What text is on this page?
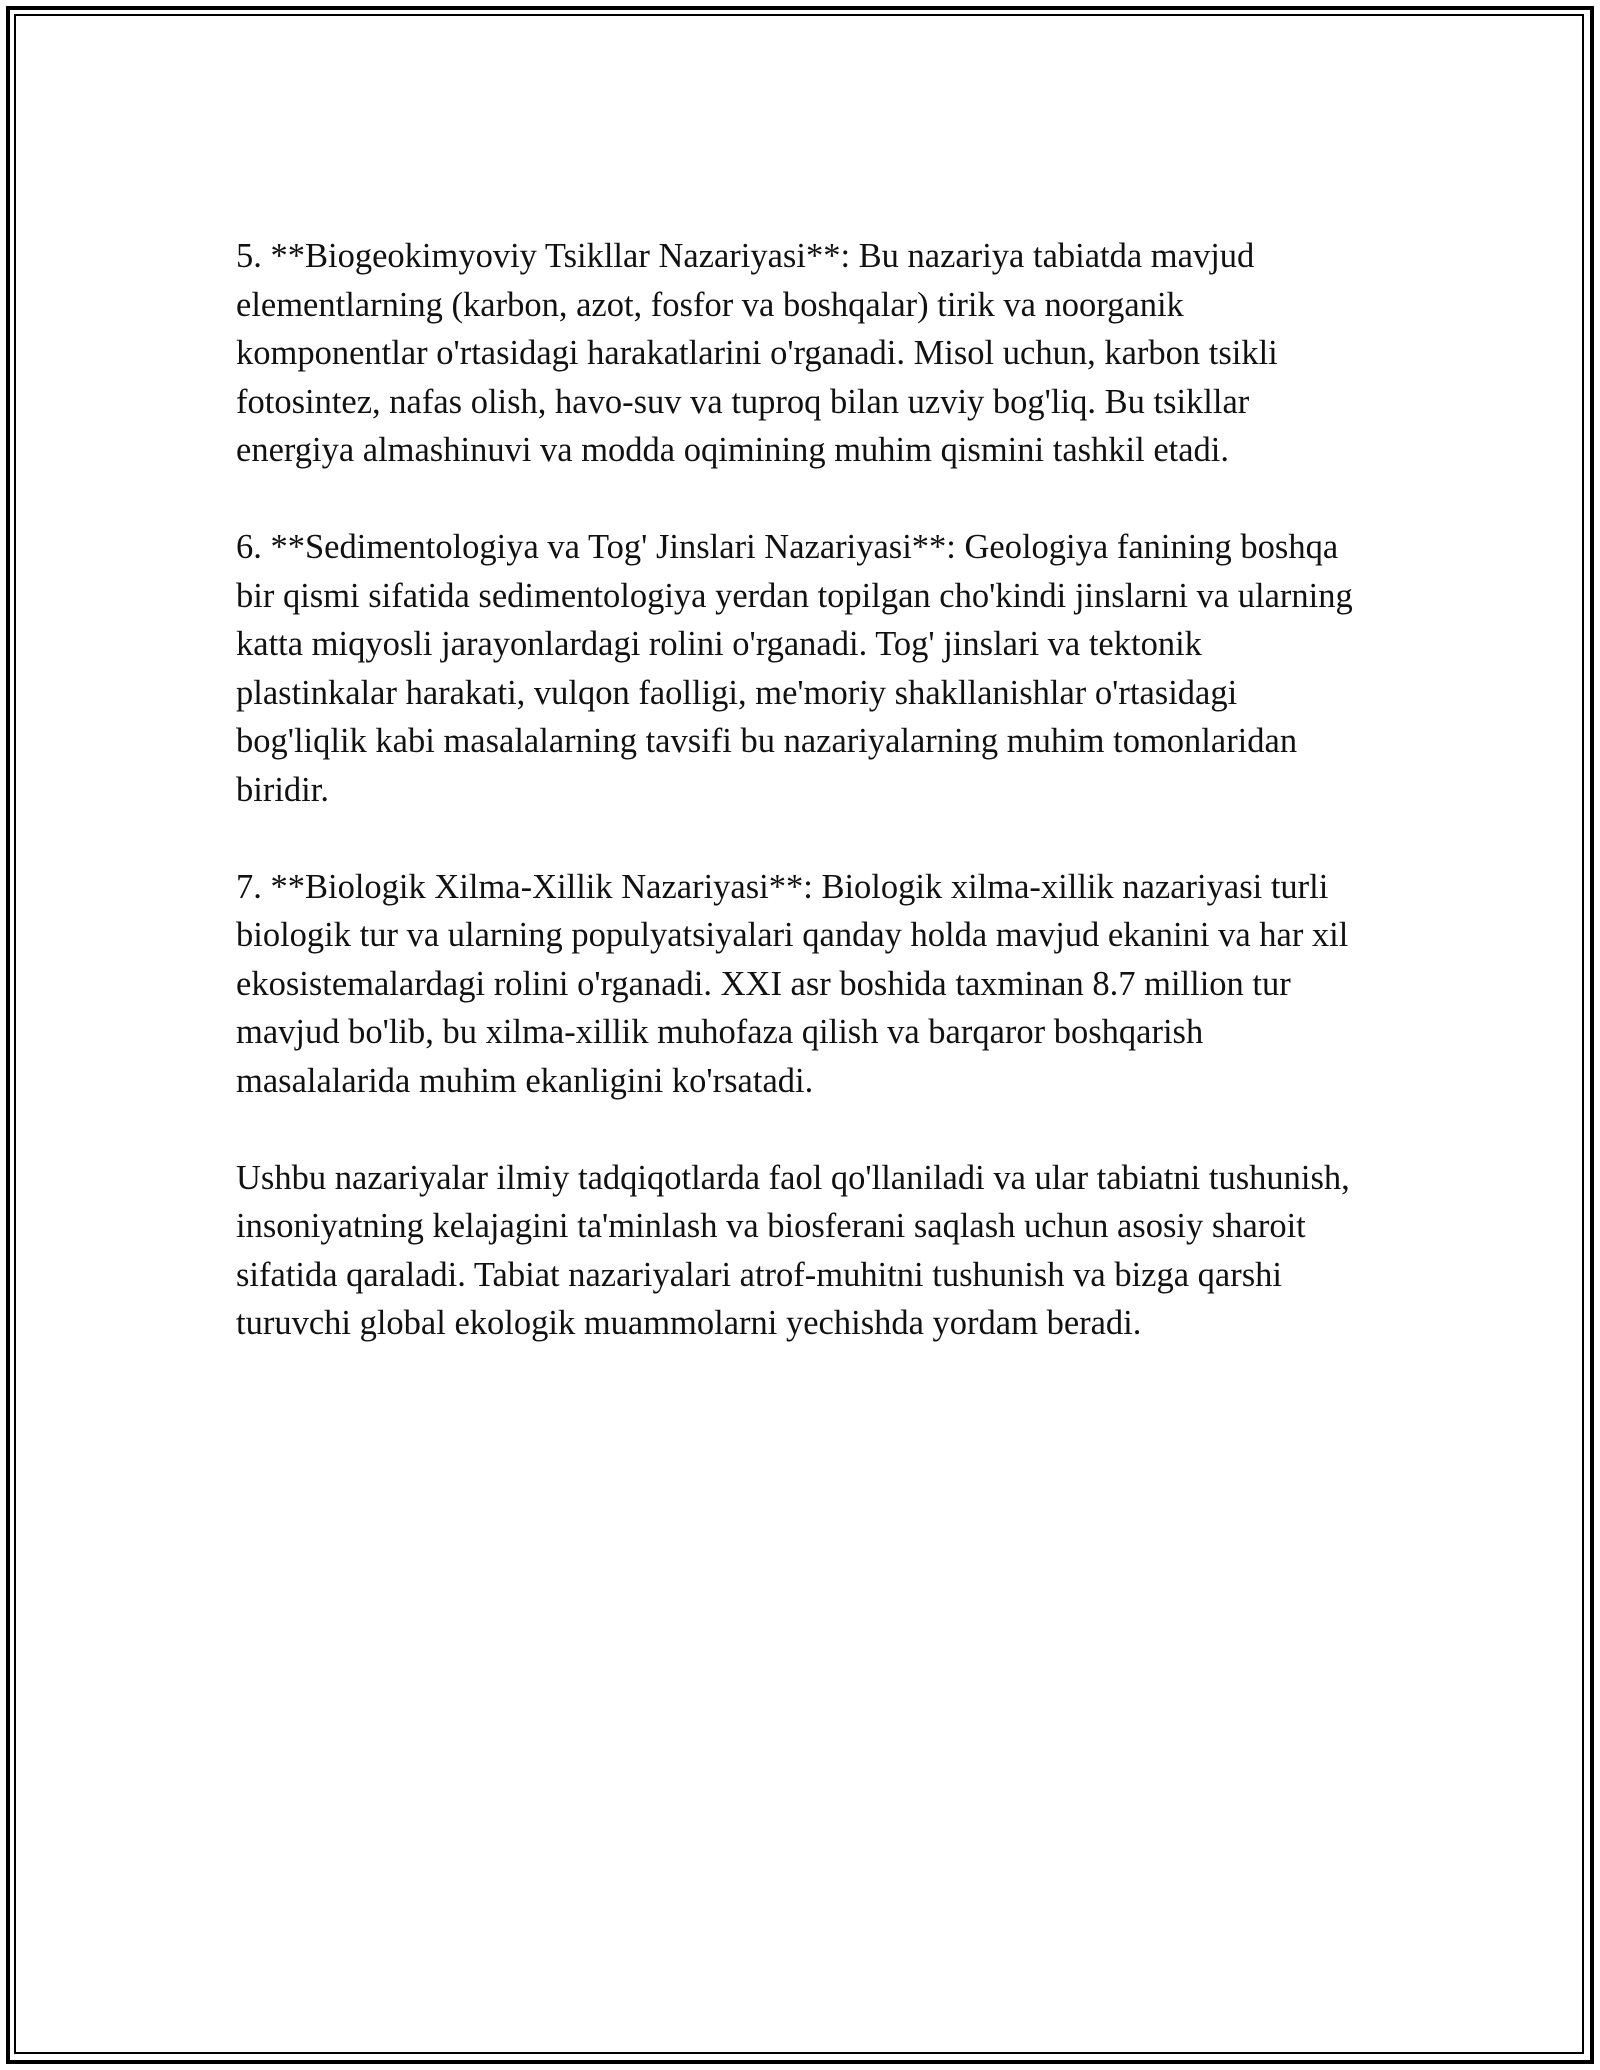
5. **Biogeokimyoviy Tsikllar Nazariyasi**: Bu nazariya tabiatda mavjud elementlarning (karbon, azot, fosfor va boshqalar) tirik va noorganik komponentlar o'rtasidagi harakatlarini o'rganadi. Misol uchun, karbon tsikli fotosintez, nafas olish, havo-suv va tuproq bilan uzviy bog'liq. Bu tsikllar energiya almashinuvi va modda oqimining muhim qismini tashkil etadi.

6. **Sedimentologiya va Tog' Jinslari Nazariyasi**: Geologiya fanining boshqa bir qismi sifatida sedimentologiya yerdan topilgan cho'kindi jinslarni va ularning katta miqyosli jarayonlardagi rolini o'rganadi. Tog' jinslari va tektonik plastinkalar harakati, vulqon faolligi, me'moriy shakllanishlar o'rtasidagi bog'liqlik kabi masalalarning tavsifi bu nazariyalarning muhim tomonlaridan biridir.

7. **Biologik Xilma-Xillik Nazariyasi**: Biologik xilma-xillik nazariyasi turli biologik tur va ularning populyatsiyalari qanday holda mavjud ekanini va har xil ekosistemalardagi rolini o'rganadi. XXI asr boshida taxminan 8.7 million tur mavjud bo'lib, bu xilma-xillik muhofaza qilish va barqaror boshqarish masalalarida muhim ekanligini ko'rsatadi.

Ushbu nazariyalar ilmiy tadqiqotlarda faol qo'llaniladi va ular tabiatni tushunish, insoniyatning kelajagini ta'minlash va biosferani saqlash uchun asosiy sharoit sifatida qaraladi. Tabiat nazariyalari atrof-muhitni tushunish va bizga qarshi turuvchi global ekologik muammolarni yechishda yordam beradi.
